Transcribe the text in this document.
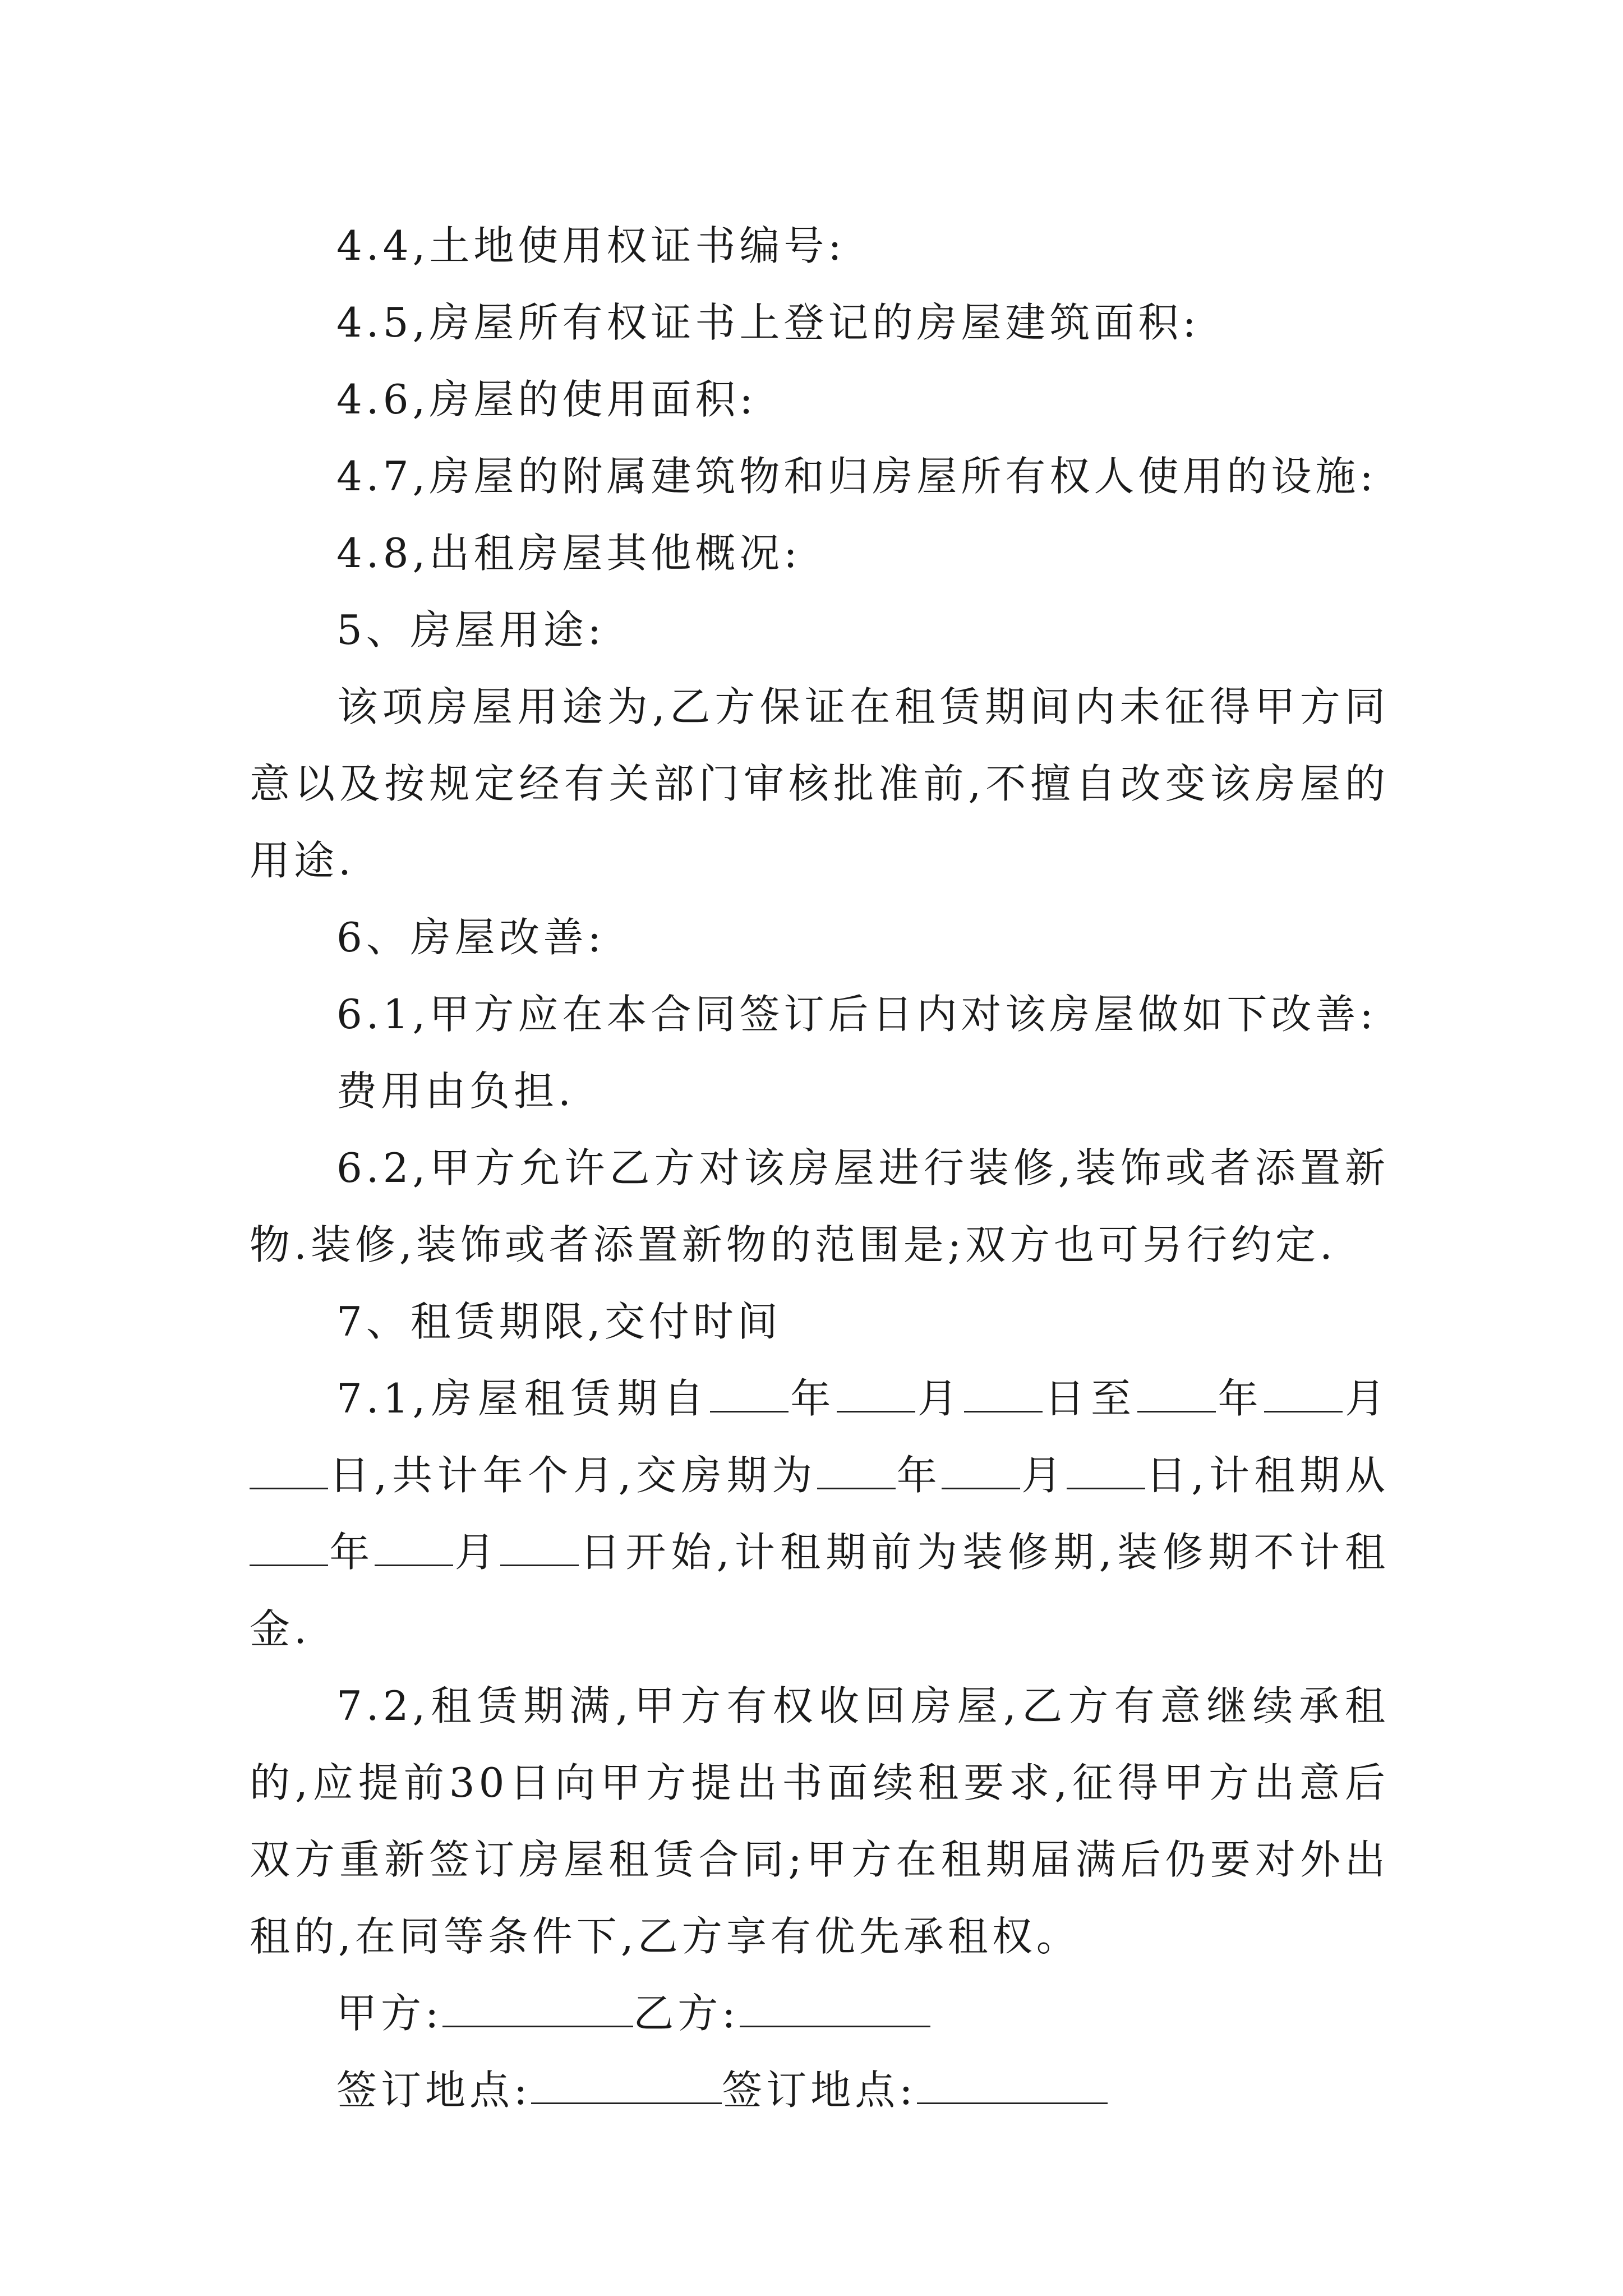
4.4,土地使用权证书编号:

4.5,房屋所有权证书上登记的房屋建筑面积:

4.6,房屋的使用面积:

4.7,房屋的附属建筑物和归房屋所有权人使用的设施:

4.8,出租房屋其他概况:

5、房屋用途:

该项房屋用途为,乙方保证在租赁期间内未征得甲方同意以及按规定经有关部门审核批准前,不擅自改变该房屋的用途.

6、房屋改善:

6.1,甲方应在本合同签订后日内对该房屋做如下改善:

费用由负担.

6.2,甲方允许乙方对该房屋进行装修,装饰或者添置新物.装修,装饰或者添置新物的范围是;双方也可另行约定.

7、租赁期限,交付时间

7.1,房屋租赁期自 年 月 日至 年 月日,共计年个月,交房期为 年 月 日,计租期从年 月 日开始,计租期前为装修期,装修期不计租金.

7.2,租赁期满,甲方有权收回房屋,乙方有意继续承租的,应提前30日向甲方提出书面续租要求,征得甲方出意后双方重新签订房屋租赁合同;甲方在租期届满后仍要对外出租的,在同等条件下,乙方享有优先承租权。

甲方:	乙方:

签订地点:	签订地点:
